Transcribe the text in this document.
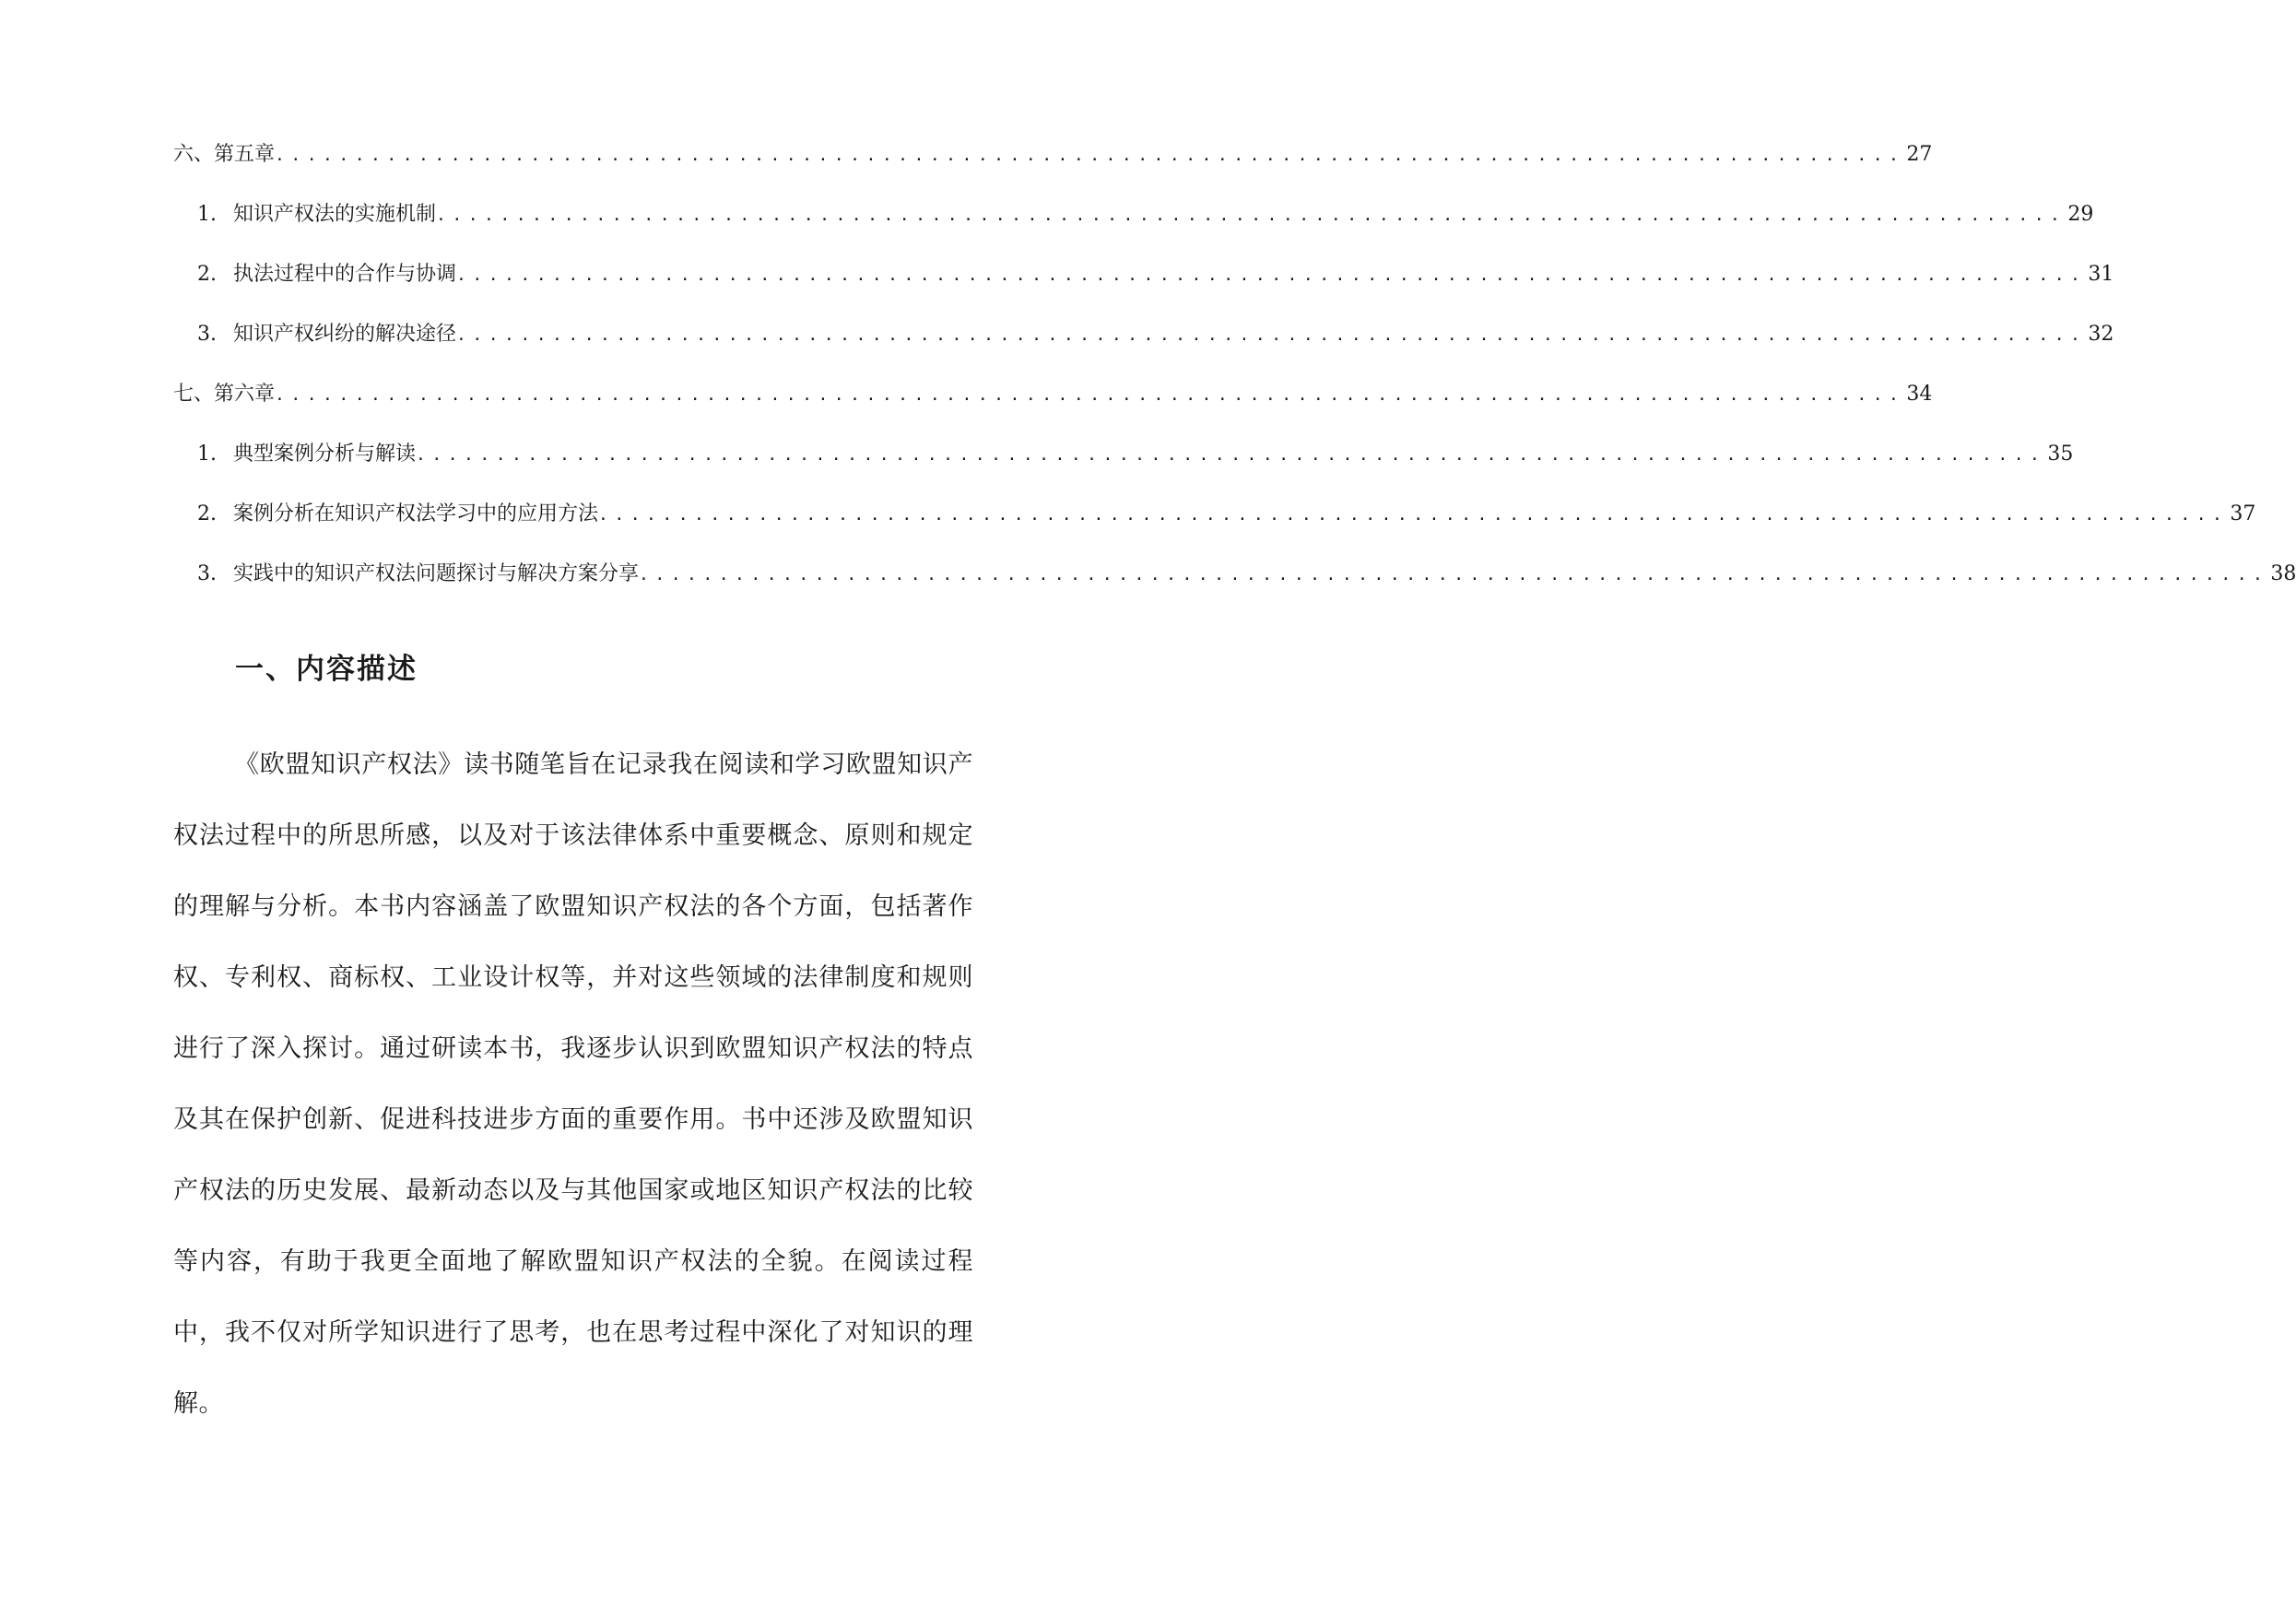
六、第五章 ...................................................................................................... 27
1. 知识产权法的实施机制 ...................................................................................................... 29
2. 执法过程中的合作与协调 ...................................................................................................... 31
3. 知识产权纠纷的解决途径 ...................................................................................................... 32
七、第六章 ...................................................................................................... 34
1. 典型案例分析与解读 ...................................................................................................... 35
2. 案例分析在知识产权法学习中的应用方法 ...................................................................................................... 37
3. 实践中的知识产权法问题探讨与解决方案分享 ...................................................................................................... 38
一、内容描述

《欧盟知识产权法》读书随笔旨在记录我在阅读和学习欧盟知识产权法过程中的所思所感，以及对于该法律体系中重要概念、原则和规定的理解与分析。本书内容涵盖了欧盟知识产权法的各个方面，包括著作权、专利权、商标权、工业设计权等，并对这些领域的法律制度和规则进行了深入探讨。通过研读本书，我逐步认识到欧盟知识产权法的特点及其在保护创新、促进科技进步方面的重要作用。书中还涉及欧盟知识产权法的历史发展、最新动态以及与其他国家或地区知识产权法的比较等内容，有助于我更全面地了解欧盟知识产权法的全貌。在阅读过程中，我不仅对所学知识进行了思考，也在思考过程中深化了对知识的理解。
